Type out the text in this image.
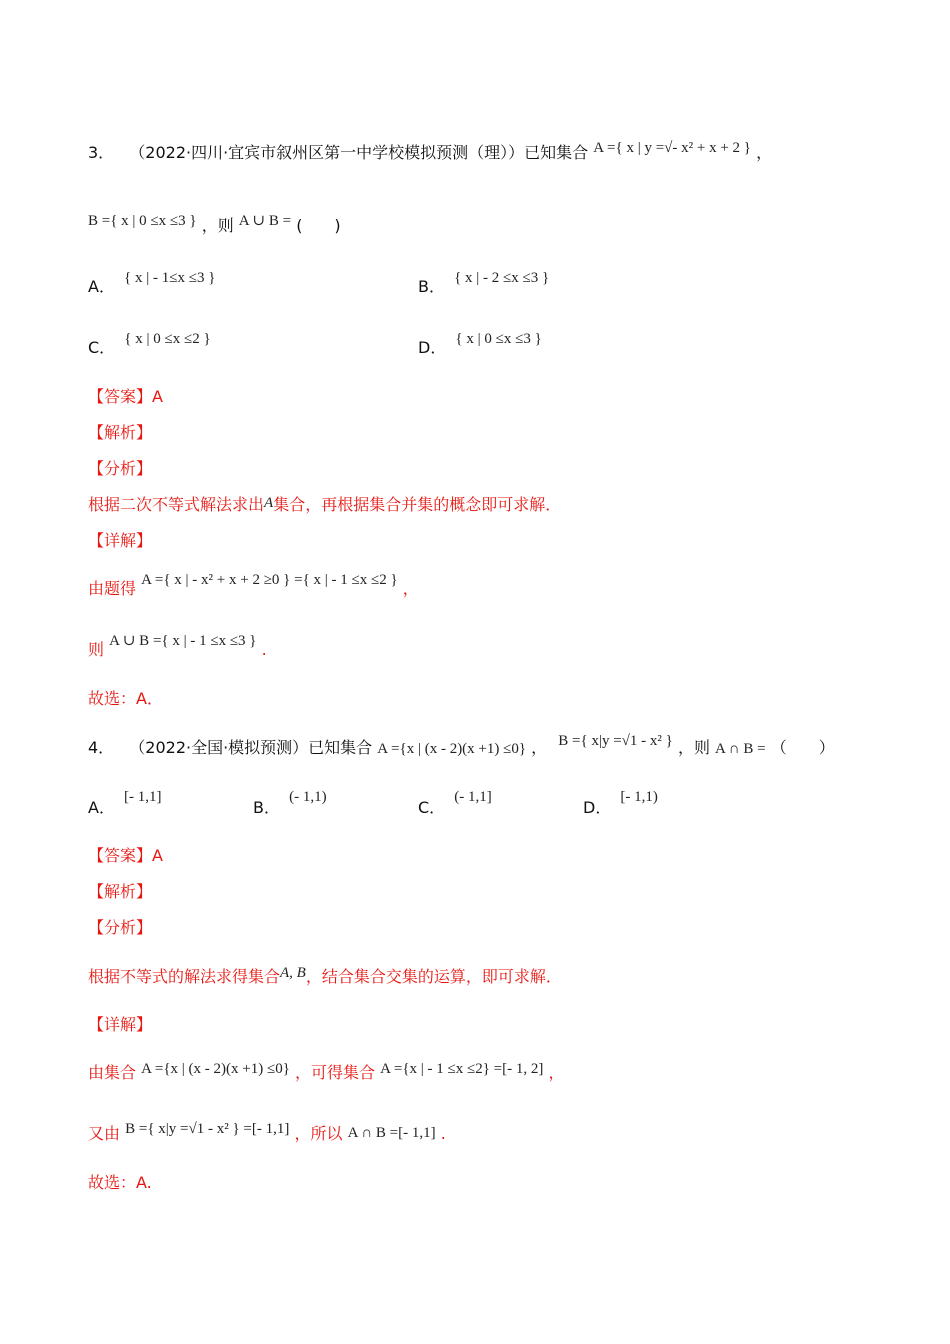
3． （2022·四川·宜宾市叙州区第一中学校模拟预测（理））已知集合 A ={ x | y =√- x² + x + 2 } ，
B ={ x | 0 ≤x ≤3 } ，则 A ∪ B = (　　)
A． { x | - 1≤x ≤3 }	B． { x | - 2 ≤x ≤3 }
C． { x | 0 ≤x ≤2 }	D． { x | 0 ≤x ≤3 }
【答案】A
【解析】
【分析】
根据二次不等式解法求出A集合，再根据集合并集的概念即可求解．
【详解】
由题得 A ={ x | - x² + x + 2 ≥0 } ={ x | - 1 ≤x ≤2 } ，
则 A ∪ B ={ x | - 1 ≤x ≤3 } .
故选：A．
4． （2022·全国·模拟预测）已知集合 A ={x | (x - 2)(x +1) ≤0} ， B ={ x|y =√1 - x² } ，则 A ∩ B = （　　）
A． [- 1,1]
B． (- 1,1)
C． (- 1,1]
D． [- 1,1)
【答案】A
【解析】
【分析】
根据不等式的解法求得集合A, B，结合集合交集的运算，即可求解．
【详解】
由集合 A ={x | (x - 2)(x +1) ≤0} ，可得集合 A ={x | - 1 ≤x ≤2} =[- 1, 2] ，
又由 B ={ x|y =√1 - x² } =[- 1,1] ，所以 A ∩ B =[- 1,1] .
故选：A.
